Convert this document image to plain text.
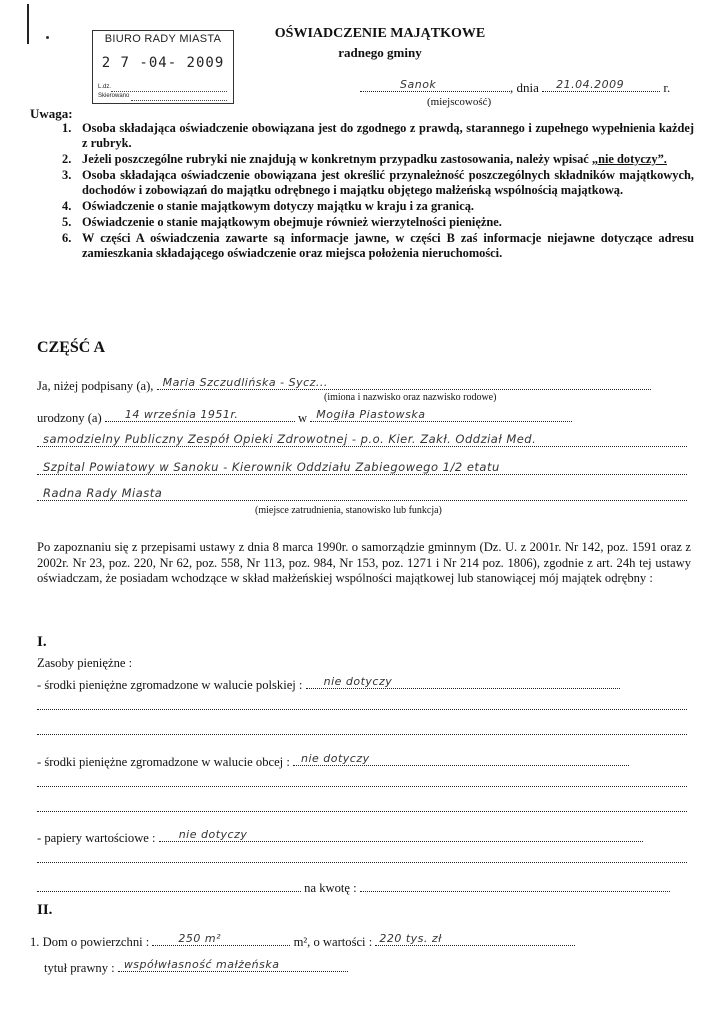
BIURO RADY MIASTA
2 7 -04- 2009
L.dz.
Skierowano
OŚWIADCZENIE MAJĄTKOWE
radnego gminy
Sanok	, dnia 21.04.2009	r.
(miejscowość)
Uwaga:
1. Osoba składająca oświadczenie obowiązana jest do zgodnego z prawdą, starannego i zupełnego wypełnienia każdej z rubryk.
2. Jeżeli poszczególne rubryki nie znajdują w konkretnym przypadku zastosowania, należy wpisać „nie dotyczy”.
3. Osoba składająca oświadczenie obowiązana jest określić przynależność poszczególnych składników majątkowych, dochodów i zobowiązań do majątku odrębnego i majątku objętego małżeńską wspólnością majątkową.
4. Oświadczenie o stanie majątkowym dotyczy majątku w kraju i za granicą.
5. Oświadczenie o stanie majątkowym obejmuje również wierzytelności pieniężne.
6. W części A oświadczenia zawarte są informacje jawne, w części B zaś informacje niejawne dotyczące adresu zamieszkania składającego oświadczenie oraz miejsca położenia nieruchomości.
CZĘŚĆ A
Ja, niżej podpisany (a), Maria Szczudlińska - Sycz...
(imiona i nazwisko oraz nazwisko rodowe)
urodzony (a) 14 września 1951r.	w Mogiła Piastowska
samodzielny Publiczny Zespół Opieki Zdrowotnej - p.o. Kier. Zakł. Oddział Med.
Szpital Powiatowy w Sanoku - Kierownik Oddziału Zabiegowego 1/2 etatu
Radna Rady Miasta
(miejsce zatrudnienia, stanowisko lub funkcja)
Po zapoznaniu się z przepisami ustawy z dnia 8 marca 1990r. o samorządzie gminnym (Dz. U. z 2001r. Nr 142, poz. 1591 oraz z 2002r. Nr 23, poz. 220, Nr 62, poz. 558, Nr 113, poz. 984, Nr 153, poz. 1271 i Nr 214 poz. 1806), zgodnie z art. 24h tej ustawy oświadczam, że posiadam wchodzące w skład małżeńskiej wspólności majątkowej lub stanowiącej mój majątek odrębny :
I.
Zasoby pieniężne :
- środki pieniężne zgromadzone w walucie polskiej : nie dotyczy
- środki pieniężne zgromadzone w walucie obcej : nie dotyczy
- papiery wartościowe : nie dotyczy
na kwotę :
II.
1. Dom o powierzchni :	250 m²	m², o wartości : 220 tys. zł
tytuł prawny : współwłasność małżeńska
